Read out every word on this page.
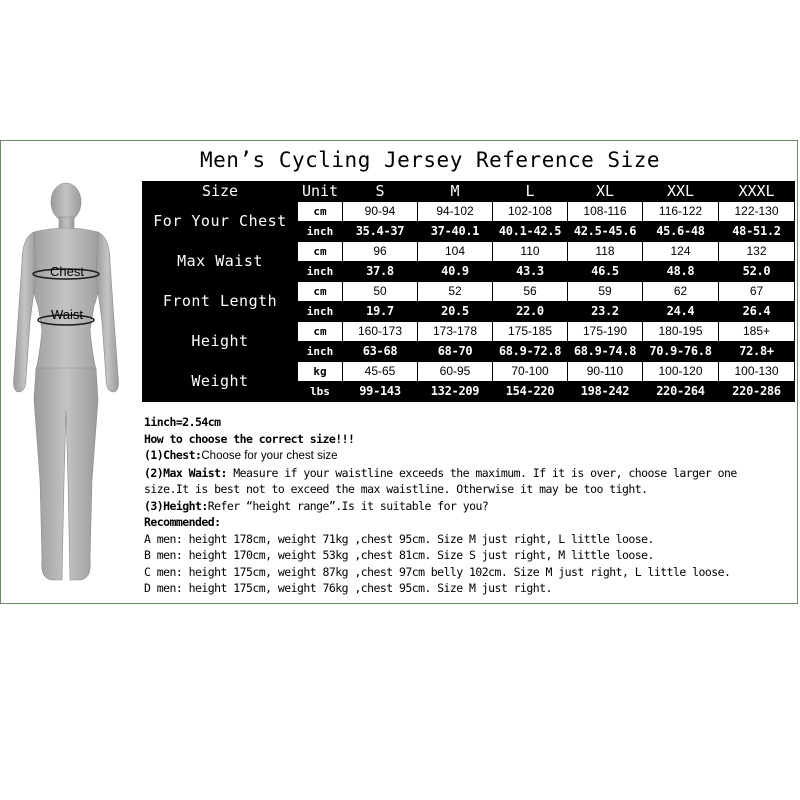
Men’s Cycling Jersey Reference Size
Chest
Waist
Size	Unit	S	M	L	XL	XXL	XXXL
For Your Chest	cm	90-94	94-102	102-108	108-116	116-122	122-130
	inch	35.4-37	37-40.1	40.1-42.5	42.5-45.6	45.6-48	48-51.2
Max Waist	cm	96	104	110	118	124	132
	inch	37.8	40.9	43.3	46.5	48.8	52.0
Front Length	cm	50	52	56	59	62	67
	inch	19.7	20.5	22.0	23.2	24.4	26.4
Height	cm	160-173	173-178	175-185	175-190	180-195	185+
	inch	63-68	68-70	68.9-72.8	68.9-74.8	70.9-76.8	72.8+
Weight	kg	45-65	60-95	70-100	90-110	100-120	100-130
	lbs	99-143	132-209	154-220	198-242	220-264	220-286
1inch=2.54cm
How to choose the correct size!!!
(1)Chest:Choose for your chest size
(2)Max Waist: Measure if your waistline exceeds the maximum. If it is over, choose larger one
size.It is best not to exceed the max waistline. Otherwise it may be too tight.
(3)Height:Refer “height range”.Is it suitable for you?
Recommended:
A men: height 178cm, weight 71kg ,chest 95cm. Size M just right, L little loose.
B men: height 170cm, weight 53kg ,chest 81cm. Size S just right, M little loose.
C men: height 175cm, weight 87kg ,chest 97cm belly 102cm. Size M just right, L little loose.
D men: height 175cm, weight 76kg ,chest 95cm. Size M just right.
